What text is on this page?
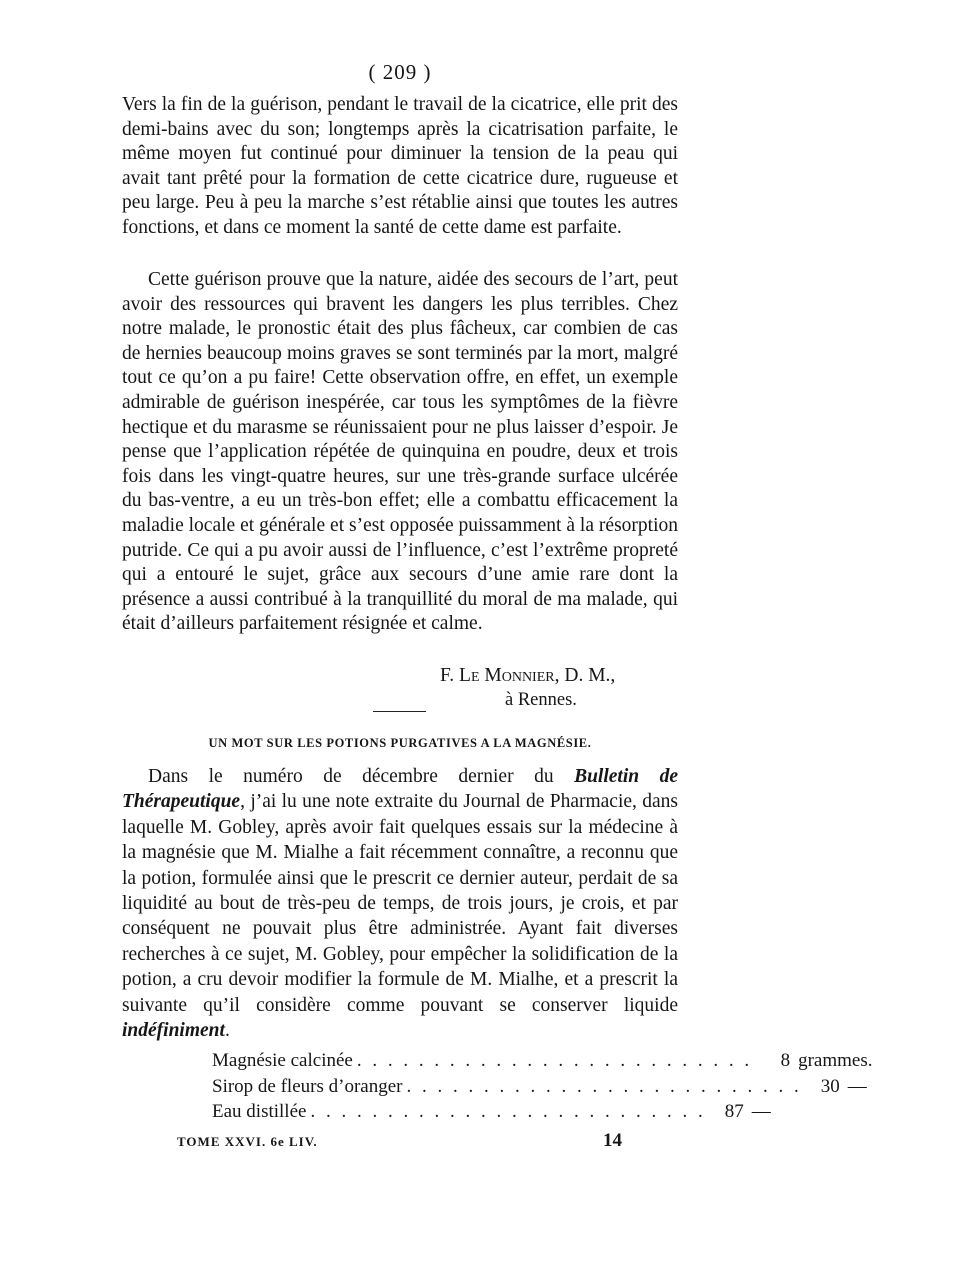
( 209 )

Vers la fin de la guérison, pendant le travail de la cicatrice, elle prit des demi-bains avec du son; longtemps après la cicatrisation parfaite, le même moyen fut continué pour diminuer la tension de la peau qui avait tant prêté pour la formation de cette cicatrice dure, rugueuse et peu large. Peu à peu la marche s’est rétablie ainsi que toutes les autres fonctions, et dans ce moment la santé de cette dame est parfaite.

Cette guérison prouve que la nature, aidée des secours de l’art, peut avoir des ressources qui bravent les dangers les plus terribles. Chez notre malade, le pronostic était des plus fâcheux, car combien de cas de hernies beaucoup moins graves se sont terminés par la mort, malgré tout ce qu’on a pu faire! Cette observation offre, en effet, un exemple admirable de guérison inespérée, car tous les symptômes de la fièvre hectique et du marasme se réunissaient pour ne plus laisser d’espoir. Je pense que l’application répétée de quinquina en poudre, deux et trois fois dans les vingt-quatre heures, sur une très-grande surface ulcérée du bas-ventre, a eu un très-bon effet; elle a combattu efficacement la maladie locale et générale et s’est opposée puissamment à la résorption putride. Ce qui a pu avoir aussi de l’influence, c’est l’extrême propreté qui a entouré le sujet, grâce aux secours d’une amie rare dont la présence a aussi contribué à la tranquillité du moral de ma malade, qui était d’ailleurs parfaitement résignée et calme.

F. Le Monnier, D. M.,
à Rennes.
UN MOT SUR LES POTIONS PURGATIVES A LA MAGNÉSIE.

Dans le numéro de décembre dernier du Bulletin de Thérapeutique, j’ai lu une note extraite du Journal de Pharmacie, dans laquelle M. Gobley, après avoir fait quelques essais sur la médecine à la magnésie que M. Mialhe a fait récemment connaître, a reconnu que la potion, formulée ainsi que le prescrit ce dernier auteur, perdait de sa liquidité au bout de très-peu de temps, de trois jours, je crois, et par conséquent ne pouvait plus être administrée. Ayant fait diverses recherches à ce sujet, M. Gobley, pour empêcher la solidification de la potion, a cru devoir modifier la formule de M. Mialhe, et a prescrit la suivante qu’il considère comme pouvant se conserver liquide indéfiniment.

Magnésie calcinée . . . . . . . . . . . . . . . . . . . . . . . . . .	8 grammes.
Sirop de fleurs d’oranger . . . . . . . . . . . . . . . . . . . . . . . . . .	30 —
Eau distillée . . . . . . . . . . . . . . . . . . . . . . . . . .	87 —
TOME XXVI. 6e LIV.	14
